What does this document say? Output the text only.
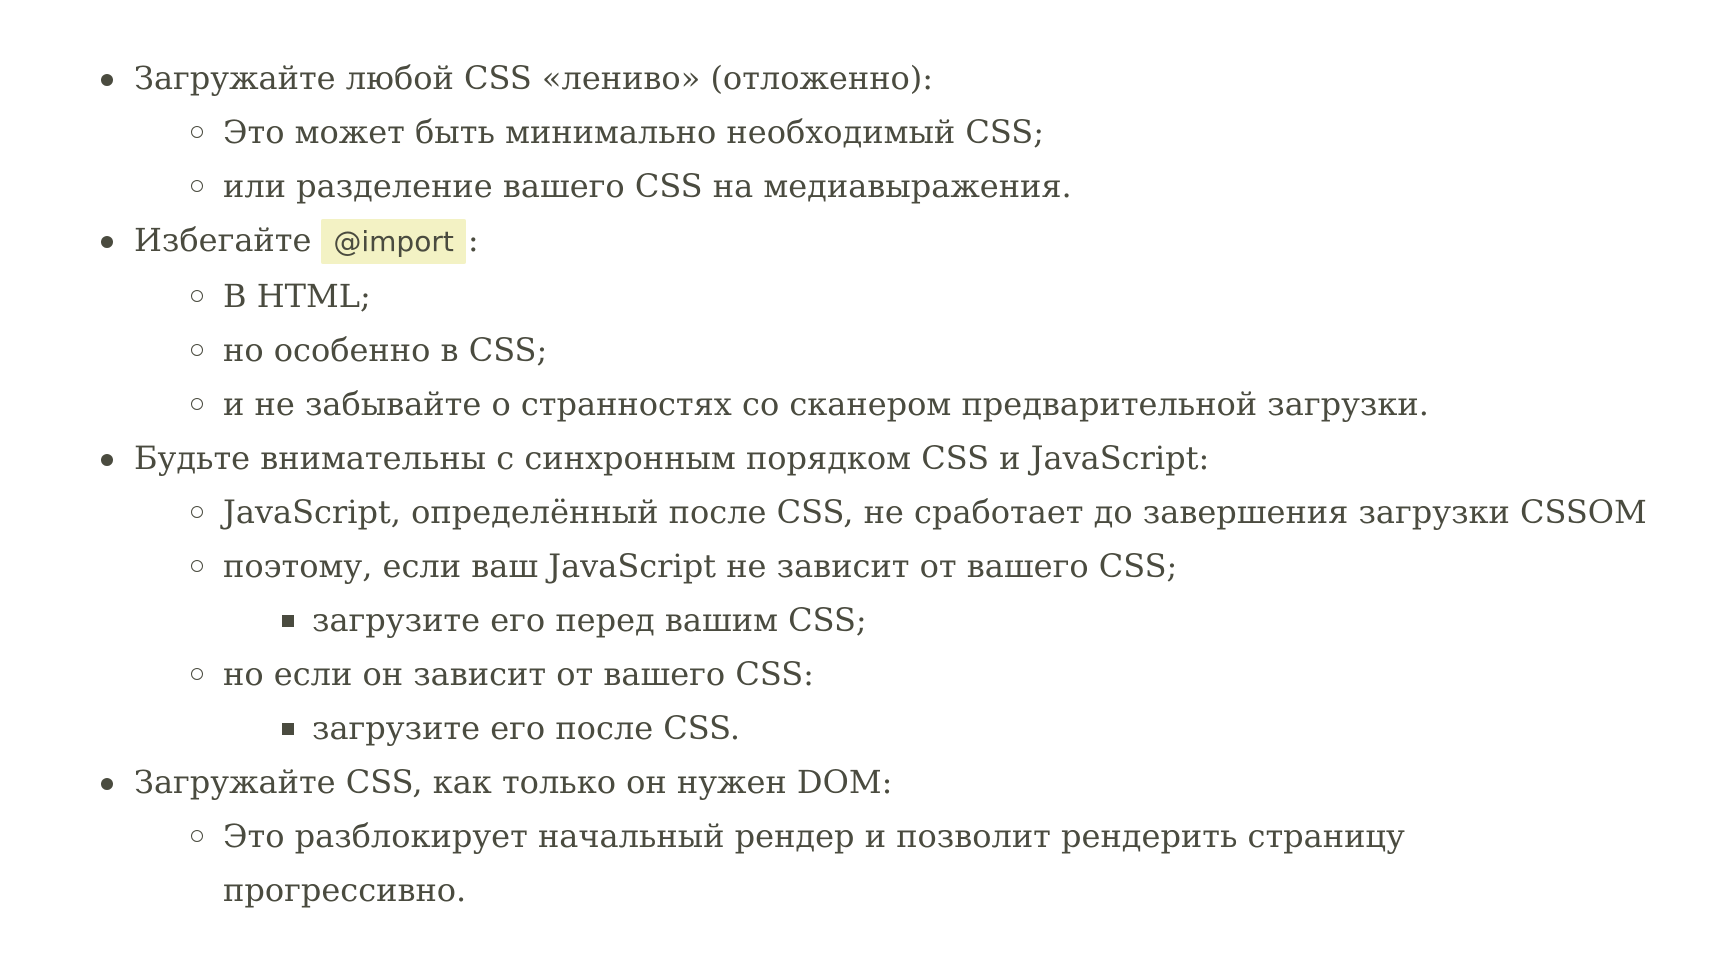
Загружайте любой CSS «лениво» (отложенно):
Это может быть минимально необходимый CSS;
или разделение вашего CSS на медиавыражения.
Избегайте @import :
В HTML;
но особенно в CSS;
и не забывайте о странностях со сканером предварительной загрузки.
Будьте внимательны с синхронным порядком CSS и JavaScript:
JavaScript, определённый после CSS, не сработает до завершения загрузки CSSOM
поэтому, если ваш JavaScript не зависит от вашего CSS;
загрузите его перед вашим CSS;
но если он зависит от вашего CSS:
загрузите его после CSS.
Загружайте CSS, как только он нужен DOM:
Это разблокирует начальный рендер и позволит рендерить страницу прогрессивно.
